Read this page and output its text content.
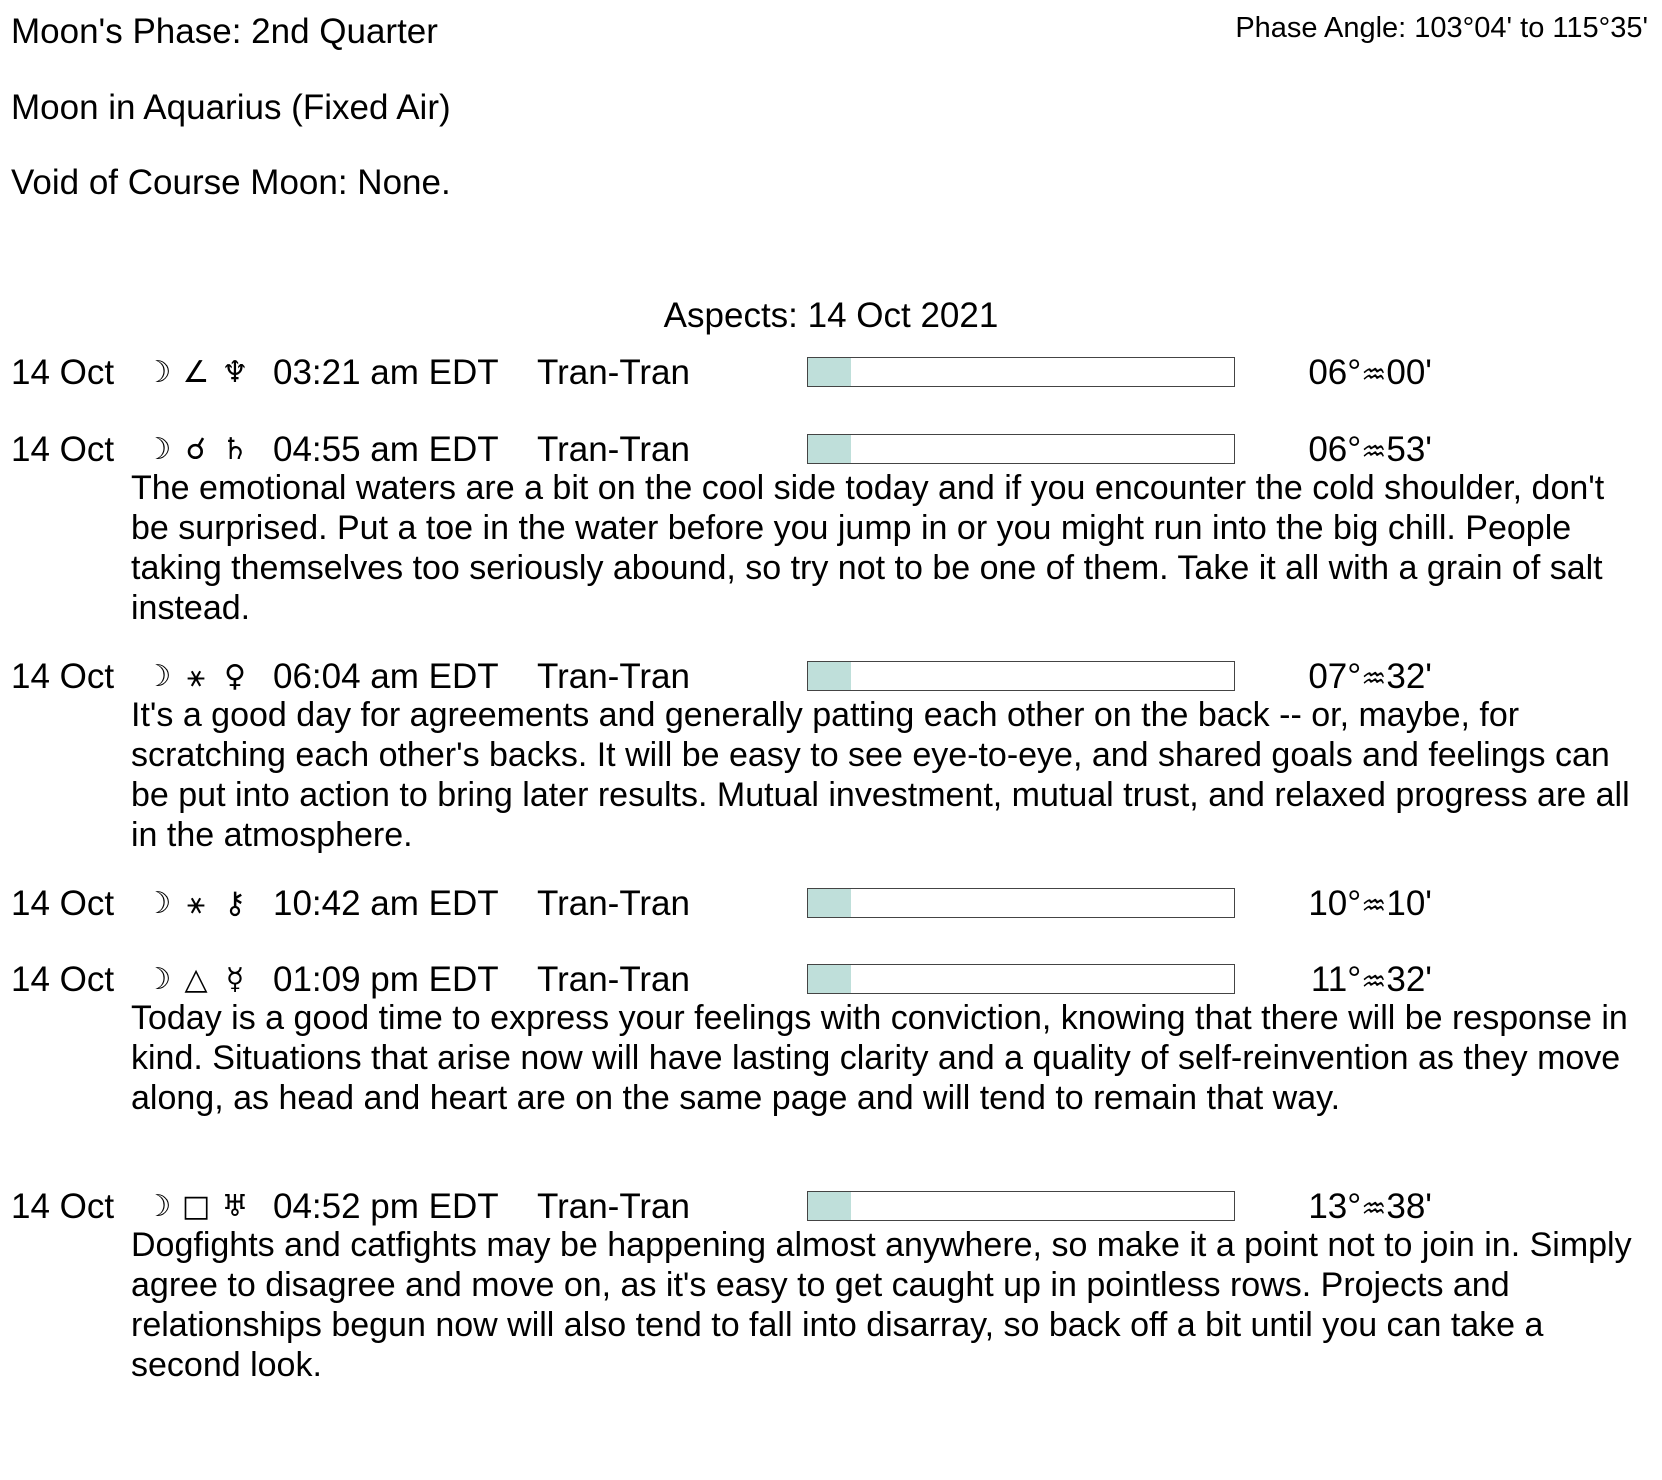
Moon's Phase: 2nd Quarter	Phase Angle: 103°04' to 115°35'
Moon in Aquarius (Fixed Air)
Void of Course Moon: None.
Aspects: 14 Oct 2021
14 Oct ☽ ∠ ♆ 03:21 am EDT Tran-Tran	06°♒00'
14 Oct ☽ ☌ ♄ 04:55 am EDT Tran-Tran	06°♒53'
The emotional waters are a bit on the cool side today and if you encounter the cold shoulder, don't be surprised. Put a toe in the water before you jump in or you might run into the big chill. People taking themselves too seriously abound, so try not to be one of them. Take it all with a grain of salt instead.
14 Oct ☽ ⚹ ♀ 06:04 am EDT Tran-Tran	07°♒32'
It's a good day for agreements and generally patting each other on the back -- or, maybe, for scratching each other's backs. It will be easy to see eye-to-eye, and shared goals and feelings can be put into action to bring later results. Mutual investment, mutual trust, and relaxed progress are all in the atmosphere.
14 Oct ☽ ⚹ ⚷ 10:42 am EDT Tran-Tran	10°♒10'
14 Oct ☽ △ ☿ 01:09 pm EDT Tran-Tran	11°♒32'
Today is a good time to express your feelings with conviction, knowing that there will be response in kind. Situations that arise now will have lasting clarity and a quality of self-reinvention as they move along, as head and heart are on the same page and will tend to remain that way.
14 Oct ☽ □ ♅ 04:52 pm EDT Tran-Tran	13°♒38'
Dogfights and catfights may be happening almost anywhere, so make it a point not to join in. Simply agree to disagree and move on, as it's easy to get caught up in pointless rows. Projects and relationships begun now will also tend to fall into disarray, so back off a bit until you can take a second look.
